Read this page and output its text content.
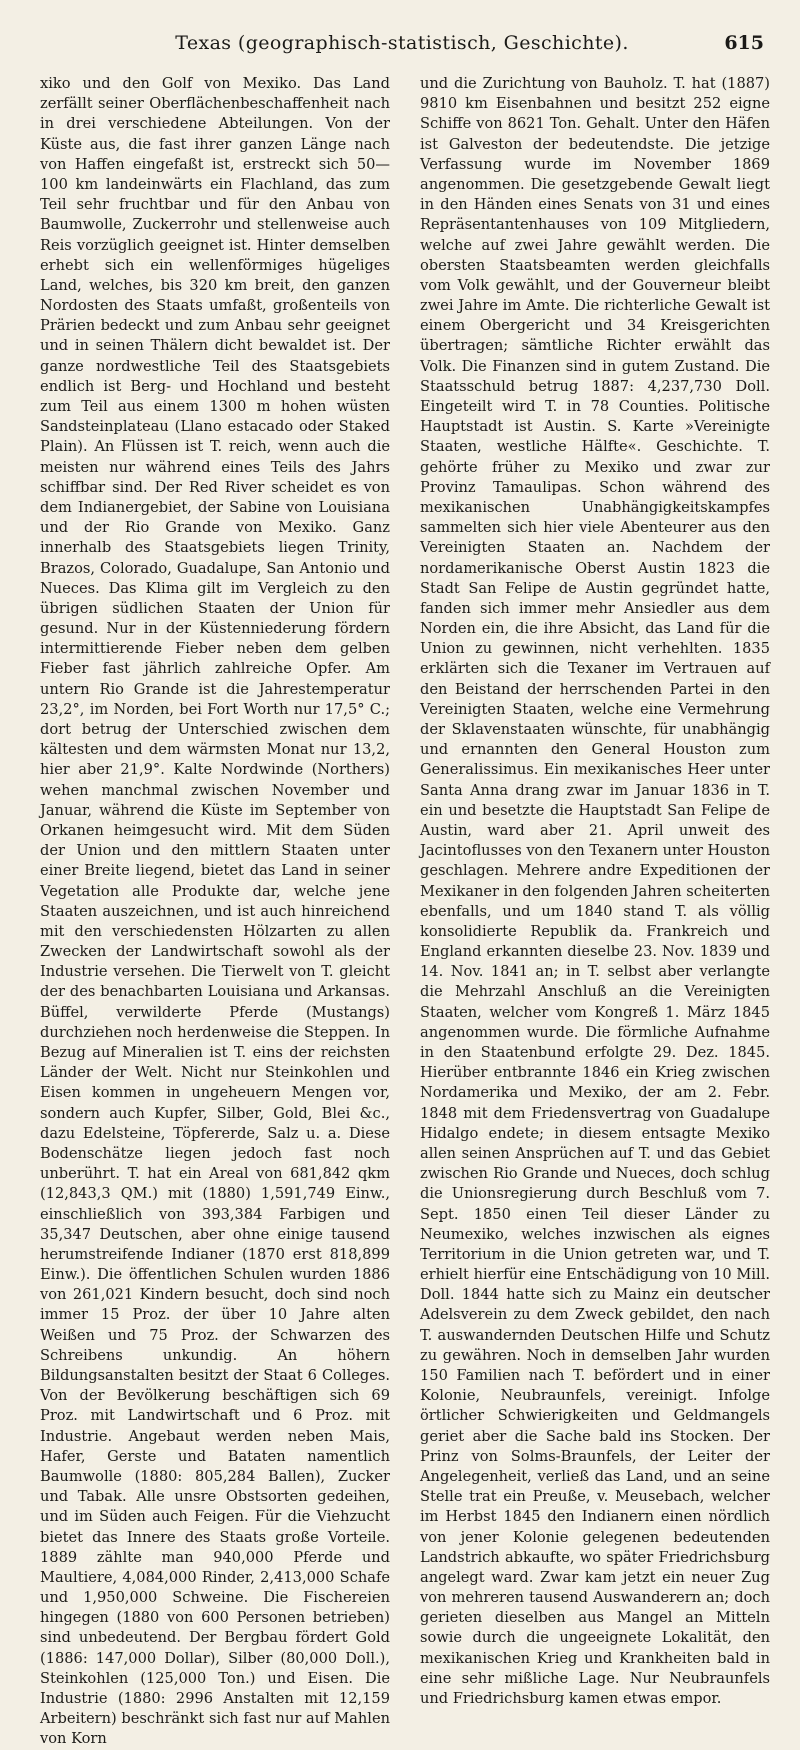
Texas (geographisch-statistisch, Geschichte).	615

xiko und den Golf von Mexiko. Das Land zerfällt seiner Oberflächenbeschaffenheit nach in drei verschiedene Abteilungen. Von der Küste aus, die fast ihrer ganzen Länge nach von Haffen eingefaßt ist, erstreckt sich 50—100 km landeinwärts ein Flachland, das zum Teil sehr fruchtbar und für den Anbau von Baumwolle, Zuckerrohr und stellenweise auch Reis vorzüglich geeignet ist. Hinter demselben erhebt sich ein wellenförmiges hügeliges Land, welches, bis 320 km breit, den ganzen Nordosten des Staats umfaßt, großenteils von Prärien bedeckt und zum Anbau sehr geeignet und in seinen Thälern dicht bewaldet ist. Der ganze nordwestliche Teil des Staatsgebiets endlich ist Berg- und Hochland und besteht zum Teil aus einem 1300 m hohen wüsten Sandsteinplateau (Llano estacado oder Staked Plain). An Flüssen ist T. reich, wenn auch die meisten nur während eines Teils des Jahrs schiffbar sind. Der Red River scheidet es von dem Indianergebiet, der Sabine von Louisiana und der Rio Grande von Mexiko. Ganz innerhalb des Staatsgebiets liegen Trinity, Brazos, Colorado, Guadalupe, San Antonio und Nueces. Das Klima gilt im Vergleich zu den übrigen südlichen Staaten der Union für gesund. Nur in der Küstenniederung fördern intermittierende Fieber neben dem gelben Fieber fast jährlich zahlreiche Opfer. Am untern Rio Grande ist die Jahrestemperatur 23,2°, im Norden, bei Fort Worth nur 17,5° C.; dort betrug der Unterschied zwischen dem kältesten und dem wärmsten Monat nur 13,2, hier aber 21,9°. Kalte Nordwinde (Northers) wehen manchmal zwischen November und Januar, während die Küste im September von Orkanen heimgesucht wird. Mit dem Süden der Union und den mittlern Staaten unter einer Breite liegend, bietet das Land in seiner Vegetation alle Produkte dar, welche jene Staaten auszeichnen, und ist auch hinreichend mit den verschiedensten Hölzarten zu allen Zwecken der Landwirtschaft sowohl als der Industrie versehen. Die Tierwelt von T. gleicht der des benachbarten Louisiana und Arkansas. Büffel, verwilderte Pferde (Mustangs) durchziehen noch herdenweise die Steppen. In Bezug auf Mineralien ist T. eins der reichsten Länder der Welt. Nicht nur Steinkohlen und Eisen kommen in ungeheuern Mengen vor, sondern auch Kupfer, Silber, Gold, Blei &c., dazu Edelsteine, Töpfererde, Salz u. a. Diese Bodenschätze liegen jedoch fast noch unberührt. T. hat ein Areal von 681,842 qkm (12,843,3 QM.) mit (1880) 1,591,749 Einw., einschließlich von 393,384 Farbigen und 35,347 Deutschen, aber ohne einige tausend herumstreifende Indianer (1870 erst 818,899 Einw.). Die öffentlichen Schulen wurden 1886 von 261,021 Kindern besucht, doch sind noch immer 15 Proz. der über 10 Jahre alten Weißen und 75 Proz. der Schwarzen des Schreibens unkundig. An höhern Bildungsanstalten besitzt der Staat 6 Colleges. Von der Bevölkerung beschäftigen sich 69 Proz. mit Landwirtschaft und 6 Proz. mit Industrie. Angebaut werden neben Mais, Hafer, Gerste und Bataten namentlich Baumwolle (1880: 805,284 Ballen), Zucker und Tabak. Alle unsre Obstsorten gedeihen, und im Süden auch Feigen. Für die Viehzucht bietet das Innere des Staats große Vorteile. 1889 zählte man 940,000 Pferde und Maultiere, 4,084,000 Rinder, 2,413,000 Schafe und 1,950,000 Schweine. Die Fischereien hingegen (1880 von 600 Personen betrieben) sind unbedeutend. Der Bergbau fördert Gold (1886: 147,000 Dollar), Silber (80,000 Doll.), Steinkohlen (125,000 Ton.) und Eisen. Die Industrie (1880: 2996 Anstalten mit 12,159 Arbeitern) beschränkt sich fast nur auf Mahlen von Korn

und die Zurichtung von Bauholz. T. hat (1887) 9810 km Eisenbahnen und besitzt 252 eigne Schiffe von 8621 Ton. Gehalt. Unter den Häfen ist Galveston der bedeutendste. Die jetzige Verfassung wurde im November 1869 angenommen. Die gesetzgebende Gewalt liegt in den Händen eines Senats von 31 und eines Repräsentantenhauses von 109 Mitgliedern, welche auf zwei Jahre gewählt werden. Die obersten Staatsbeamten werden gleichfalls vom Volk gewählt, und der Gouverneur bleibt zwei Jahre im Amte. Die richterliche Gewalt ist einem Obergericht und 34 Kreisgerichten übertragen; sämtliche Richter erwählt das Volk. Die Finanzen sind in gutem Zustand. Die Staatsschuld betrug 1887: 4,237,730 Doll. Eingeteilt wird T. in 78 Counties. Politische Hauptstadt ist Austin. S. Karte »Vereinigte Staaten, westliche Hälfte«. Geschichte. T. gehörte früher zu Mexiko und zwar zur Provinz Tamaulipas. Schon während des mexikanischen Unabhängigkeitskampfes sammelten sich hier viele Abenteurer aus den Vereinigten Staaten an. Nachdem der nordamerikanische Oberst Austin 1823 die Stadt San Felipe de Austin gegründet hatte, fanden sich immer mehr Ansiedler aus dem Norden ein, die ihre Absicht, das Land für die Union zu gewinnen, nicht verhehlten. 1835 erklärten sich die Texaner im Vertrauen auf den Beistand der herrschenden Partei in den Vereinigten Staaten, welche eine Vermehrung der Sklavenstaaten wünschte, für unabhängig und ernannten den General Houston zum Generalissimus. Ein mexikanisches Heer unter Santa Anna drang zwar im Januar 1836 in T. ein und besetzte die Hauptstadt San Felipe de Austin, ward aber 21. April unweit des Jacintoflusses von den Texanern unter Houston geschlagen. Mehrere andre Expeditionen der Mexikaner in den folgenden Jahren scheiterten ebenfalls, und um 1840 stand T. als völlig konsolidierte Republik da. Frankreich und England erkannten dieselbe 23. Nov. 1839 und 14. Nov. 1841 an; in T. selbst aber verlangte die Mehrzahl Anschluß an die Vereinigten Staaten, welcher vom Kongreß 1. März 1845 angenommen wurde. Die förmliche Aufnahme in den Staatenbund erfolgte 29. Dez. 1845. Hierüber entbrannte 1846 ein Krieg zwischen Nordamerika und Mexiko, der am 2. Febr. 1848 mit dem Friedensvertrag von Guadalupe Hidalgo endete; in diesem entsagte Mexiko allen seinen Ansprüchen auf T. und das Gebiet zwischen Rio Grande und Nueces, doch schlug die Unionsregierung durch Beschluß vom 7. Sept. 1850 einen Teil dieser Länder zu Neumexiko, welches inzwischen als eignes Territorium in die Union getreten war, und T. erhielt hierfür eine Entschädigung von 10 Mill. Doll. 1844 hatte sich zu Mainz ein deutscher Adelsverein zu dem Zweck gebildet, den nach T. auswandernden Deutschen Hilfe und Schutz zu gewähren. Noch in demselben Jahr wurden 150 Familien nach T. befördert und in einer Kolonie, Neubraunfels, vereinigt. Infolge örtlicher Schwierigkeiten und Geldmangels geriet aber die Sache bald ins Stocken. Der Prinz von Solms-Braunfels, der Leiter der Angelegenheit, verließ das Land, und an seine Stelle trat ein Preuße, v. Meusebach, welcher im Herbst 1845 den Indianern einen nördlich von jener Kolonie gelegenen bedeutenden Landstrich abkaufte, wo später Friedrichsburg angelegt ward. Zwar kam jetzt ein neuer Zug von mehreren tausend Auswanderern an; doch gerieten dieselben aus Mangel an Mitteln sowie durch die ungeeignete Lokalität, den mexikanischen Krieg und Krankheiten bald in eine sehr mißliche Lage. Nur Neubraunfels und Friedrichsburg kamen etwas empor.
